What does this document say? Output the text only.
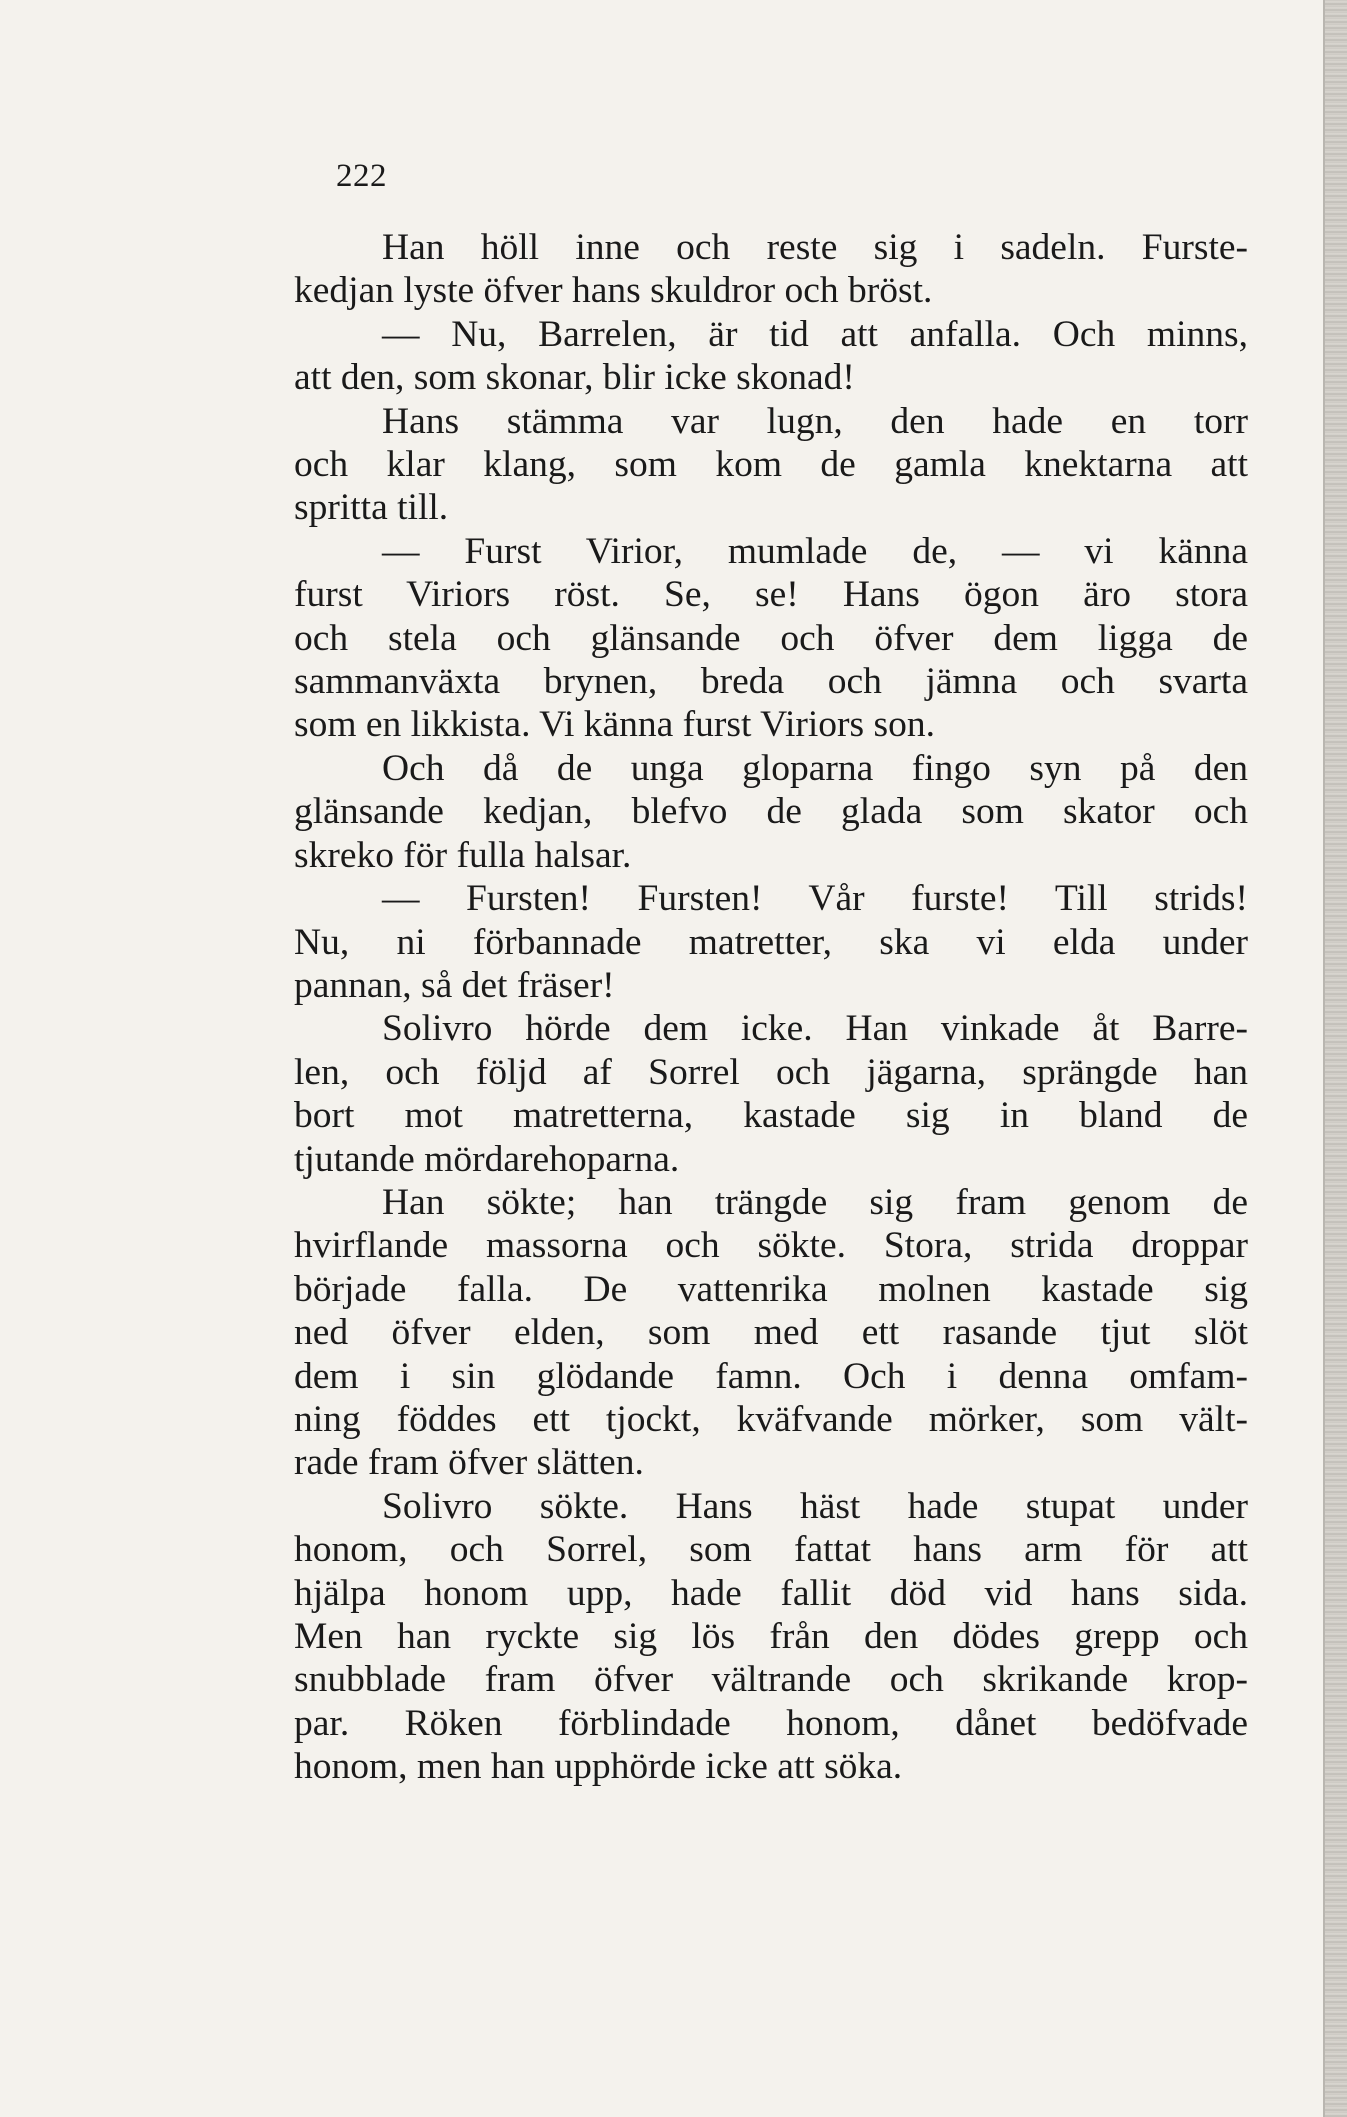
222
Han höll inne och reste sig i sadeln. Furste-
kedjan lyste öfver hans skuldror och bröst.
— Nu, Barrelen, är tid att anfalla. Och minns,
att den, som skonar, blir icke skonad!
Hans stämma var lugn, den hade en torr
och klar klang, som kom de gamla knektarna att
spritta till.
— Furst Virior, mumlade de, — vi känna
furst Viriors röst. Se, se! Hans ögon äro stora
och stela och glänsande och öfver dem ligga de
sammanväxta brynen, breda och jämna och svarta
som en likkista. Vi känna furst Viriors son.
Och då de unga gloparna fingo syn på den
glänsande kedjan, blefvo de glada som skator och
skreko för fulla halsar.
— Fursten! Fursten! Vår furste! Till strids!
Nu, ni förbannade matretter, ska vi elda under
pannan, så det fräser!
Solivro hörde dem icke. Han vinkade åt Barre-
len, och följd af Sorrel och jägarna, sprängde han
bort mot matretterna, kastade sig in bland de
tjutande mördarehoparna.
Han sökte; han trängde sig fram genom de
hvirflande massorna och sökte. Stora, strida droppar
började falla. De vattenrika molnen kastade sig
ned öfver elden, som med ett rasande tjut slöt
dem i sin glödande famn. Och i denna omfam-
ning föddes ett tjockt, kväfvande mörker, som vält-
rade fram öfver slätten.
Solivro sökte. Hans häst hade stupat under
honom, och Sorrel, som fattat hans arm för att
hjälpa honom upp, hade fallit död vid hans sida.
Men han ryckte sig lös från den dödes grepp och
snubblade fram öfver vältrande och skrikande krop-
par. Röken förblindade honom, dånet bedöfvade
honom, men han upphörde icke att söka.
